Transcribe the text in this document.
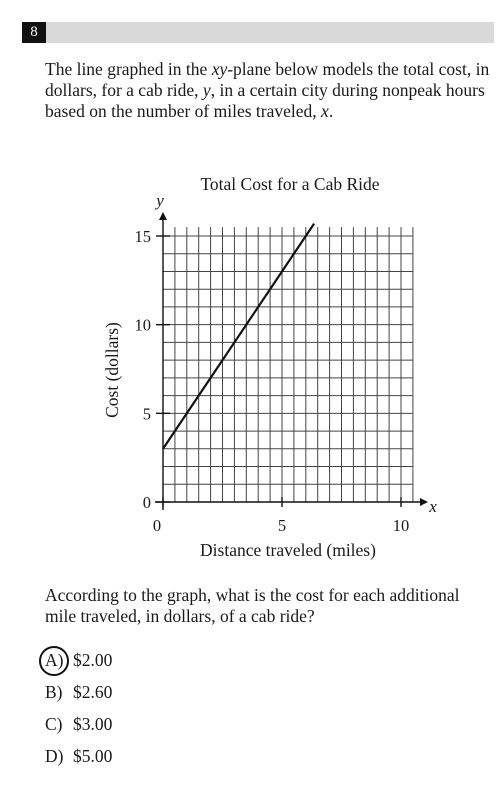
8
The line graphed in the xy-plane below models the total cost, in dollars, for a cab ride, y, in a certain city during nonpeak hours based on the number of miles traveled, x.
Total Cost for a Cab Ride
y
x
Distance traveled (miles)
Cost (dollars)
0	5	10
0
5
10
15
According to the graph, what is the cost for each additional mile traveled, in dollars, of a cab ride?
A) $2.00
B) $2.60
C) $3.00
D) $5.00
